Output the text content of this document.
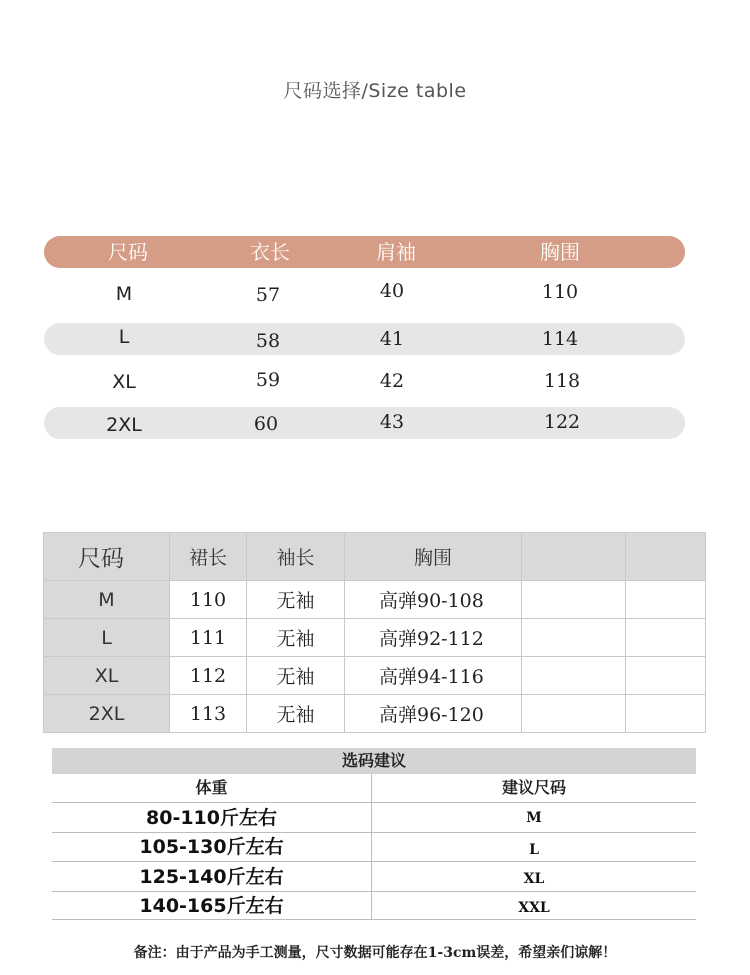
尺码选择/Size table
尺码	衣长	肩袖	胸围
M	57	40	110
L	58	41	114
XL	59	42	118
2XL	60	43	122
尺码	裙长	袖长	胸围		
M	110	无袖	高弹90-108		
L	111	无袖	高弹92-112		
XL	112	无袖	高弹94-116		
2XL	113	无袖	高弹96-120		
选码建议
体重	建议尺码
80-110斤左右	M
105-130斤左右	L
125-140斤左右	XL
140-165斤左右	XXL
备注：由于产品为手工测量，尺寸数据可能存在1-3cm误差，希望亲们谅解！
